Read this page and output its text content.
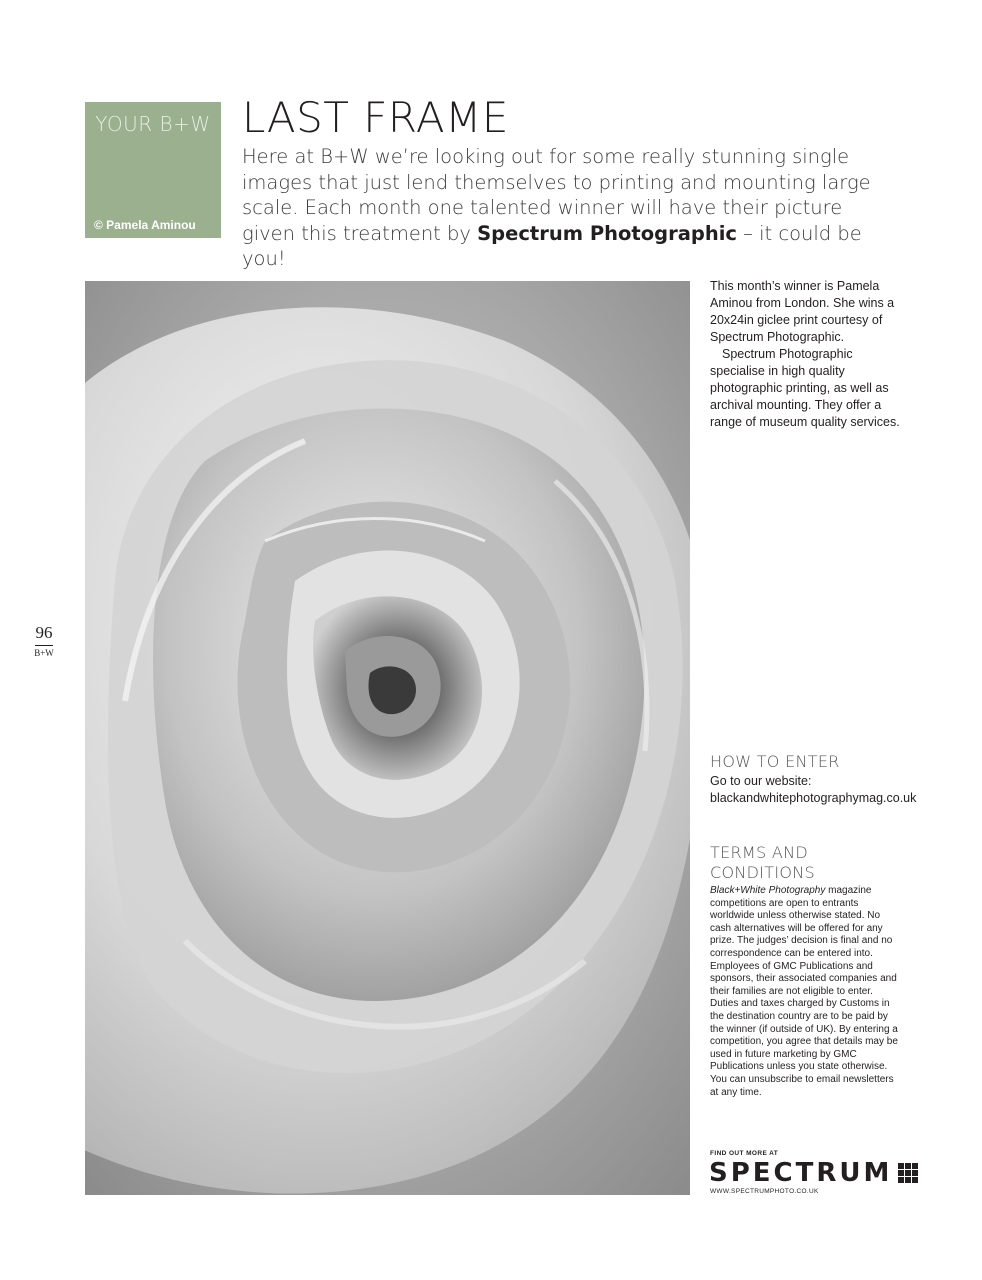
YOUR B+W
© Pamela Aminou
LAST FRAME

Here at B+W we’re looking out for some really stunning single images that just lend themselves to printing and mounting large scale. Each month one talented winner will have their picture given this treatment by Spectrum Photographic – it could be you!

96
B+W

This month’s winner is Pamela Aminou from London. She wins a 20x24in giclee print courtesy of Spectrum Photographic.

Spectrum Photographic specialise in high quality photographic printing, as well as archival mounting. They offer a range of museum quality services.

HOW TO ENTER
Go to our website:
blackandwhitephotographymag.co.uk
TERMS AND CONDITIONS

Black+White Photography magazine competitions are open to entrants worldwide unless otherwise stated. No cash alternatives will be offered for any prize. The judges’ decision is final and no correspondence can be entered into. Employees of GMC Publications and sponsors, their associated companies and their families are not eligible to enter. Duties and taxes charged by Customs in the destination country are to be paid by the winner (if outside of UK). By entering a competition, you agree that details may be used in future marketing by GMC Publications unless you state otherwise. You can unsubscribe to email newsletters at any time.

FIND OUT MORE AT
SPECTRUM
WWW.SPECTRUMPHOTO.CO.UK
